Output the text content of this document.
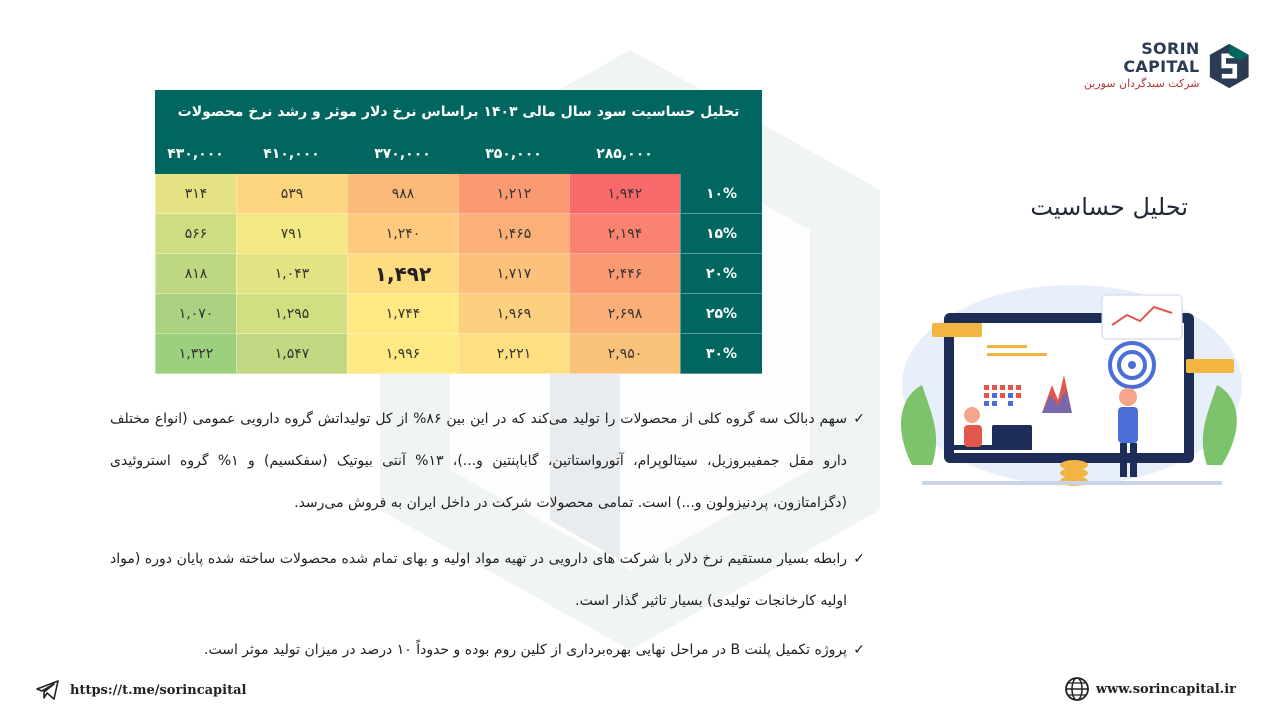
SORIN CAPITAL
شرکت سبدگردان سورین
تحلیل حساسیت سود سال مالی ۱۴۰۳ براساس نرخ دلار موثر و رشد نرخ محصولات
۲۸۵,۰۰۰
۳۵۰,۰۰۰
۳۷۰,۰۰۰
۴۱۰,۰۰۰
۴۳۰,۰۰۰
۱۰%
۱,۹۴۲
۱,۲۱۲
۹۸۸
۵۳۹
۳۱۴
۱۵%
۲,۱۹۴
۱,۴۶۵
۱,۲۴۰
۷۹۱
۵۶۶
۲۰%
۲,۴۴۶
۱,۷۱۷
۱,۴۹۲
۱,۰۴۳
۸۱۸
۲۵%
۲,۶۹۸
۱,۹۶۹
۱,۷۴۴
۱,۲۹۵
۱,۰۷۰
۳۰%
۲,۹۵۰
۲,۲۲۱
۱,۹۹۶
۱,۵۴۷
۱,۳۲۲
تحلیل حساسیت
✓
سهم دبالک سه گروه کلی از محصولات را تولید می‌کند که در این بین ۸۶% از کل تولیداتش گروه دارویی عمومی (انواع مختلف دارو مقل جمفیبروزیل، سیتالوپرام، آتورواستاتین، گاباپنتین و...)، ۱۳% آنتی بیوتیک (سفکسیم) و ۱% گروه استروئیدی (دگزامتازون، پردنیزولون و...) است. تمامی محصولات شرکت در داخل ایران به فروش می‌رسد.
✓
رابطه بسیار مستقیم نرخ دلار با شرکت های دارویی در تهیه مواد اولیه و بهای تمام شده محصولات ساخته شده پایان دوره (مواد اولیه کارخانجات تولیدی) بسیار تاثیر گذار است.
✓
پروژه تکمیل پلنت B در مراحل نهایی بهره‌برداری از کلین روم بوده و حدوداً ۱۰ درصد در میزان تولید موثر است.
https://t.me/sorincapital	www.sorincapital.ir
